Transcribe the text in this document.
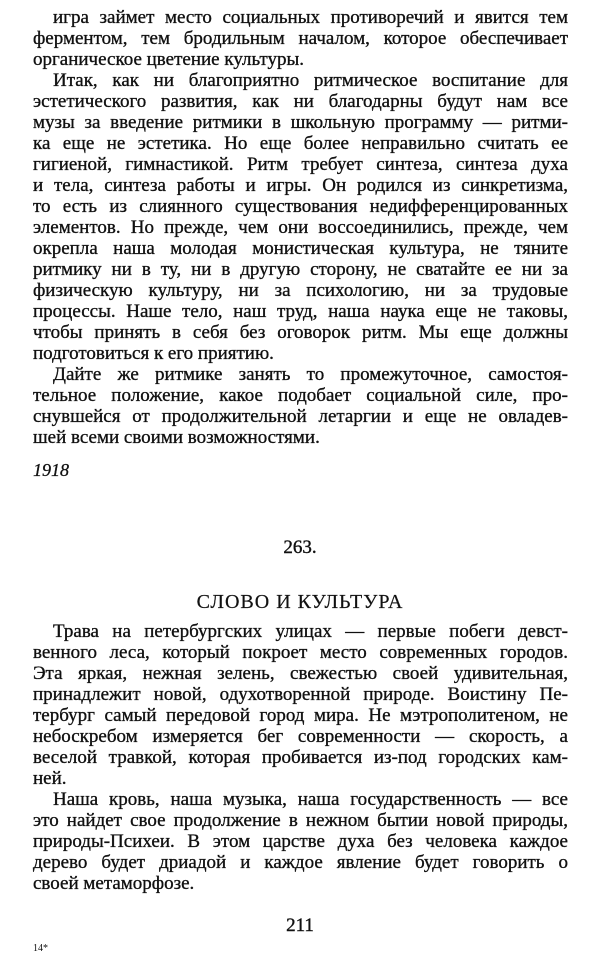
игра займет место социальных противоречий и явится тем
ферментом, тем бродильным началом, которое обеспечивает
органическое цветение культуры.
Итак, как ни благоприятно ритмическое воспитание для
эстетического развития, как ни благодарны будут нам все
музы за введение ритмики в школьную программу — ритми-
ка еще не эстетика. Но еще более неправильно считать ее
гигиеной, гимнастикой. Ритм требует синтеза, синтеза духа
и тела, синтеза работы и игры. Он родился из синкретизма,
то есть из слиянного существования недифференцированных
элементов. Но прежде, чем они воссоединились, прежде, чем
окрепла наша молодая монистическая культура, не тяните
ритмику ни в ту, ни в другую сторону, не сватайте ее ни за
физическую культуру, ни за психологию, ни за трудовые
процессы. Наше тело, наш труд, наша наука еще не таковы,
чтобы принять в себя без оговорок ритм. Мы еще должны
подготовиться к его приятию.
Дайте же ритмике занять то промежуточное, самостоя-
тельное положение, какое подобает социальной силе, про-
снувшейся от продолжительной летаргии и еще не овладев-
шей всеми своими возможностями.
1918
263.
СЛОВО И КУЛЬТУРА
Трава на петербургских улицах — первые побеги девст-
венного леса, который покроет место современных городов.
Эта яркая, нежная зелень, свежестью своей удивительная,
принадлежит новой, одухотворенной природе. Воистину Пе-
тербург самый передовой город мира. Не мэтрополитеном, не
небоскребом измеряется бег современности — скорость, а
веселой травкой, которая пробивается из-под городских кам-
ней.
Наша кровь, наша музыка, наша государственность — все
это найдет свое продолжение в нежном бытии новой природы,
природы-Психеи. В этом царстве духа без человека каждое
дерево будет дриадой и каждое явление будет говорить о
своей метаморфозе.
211
14*
